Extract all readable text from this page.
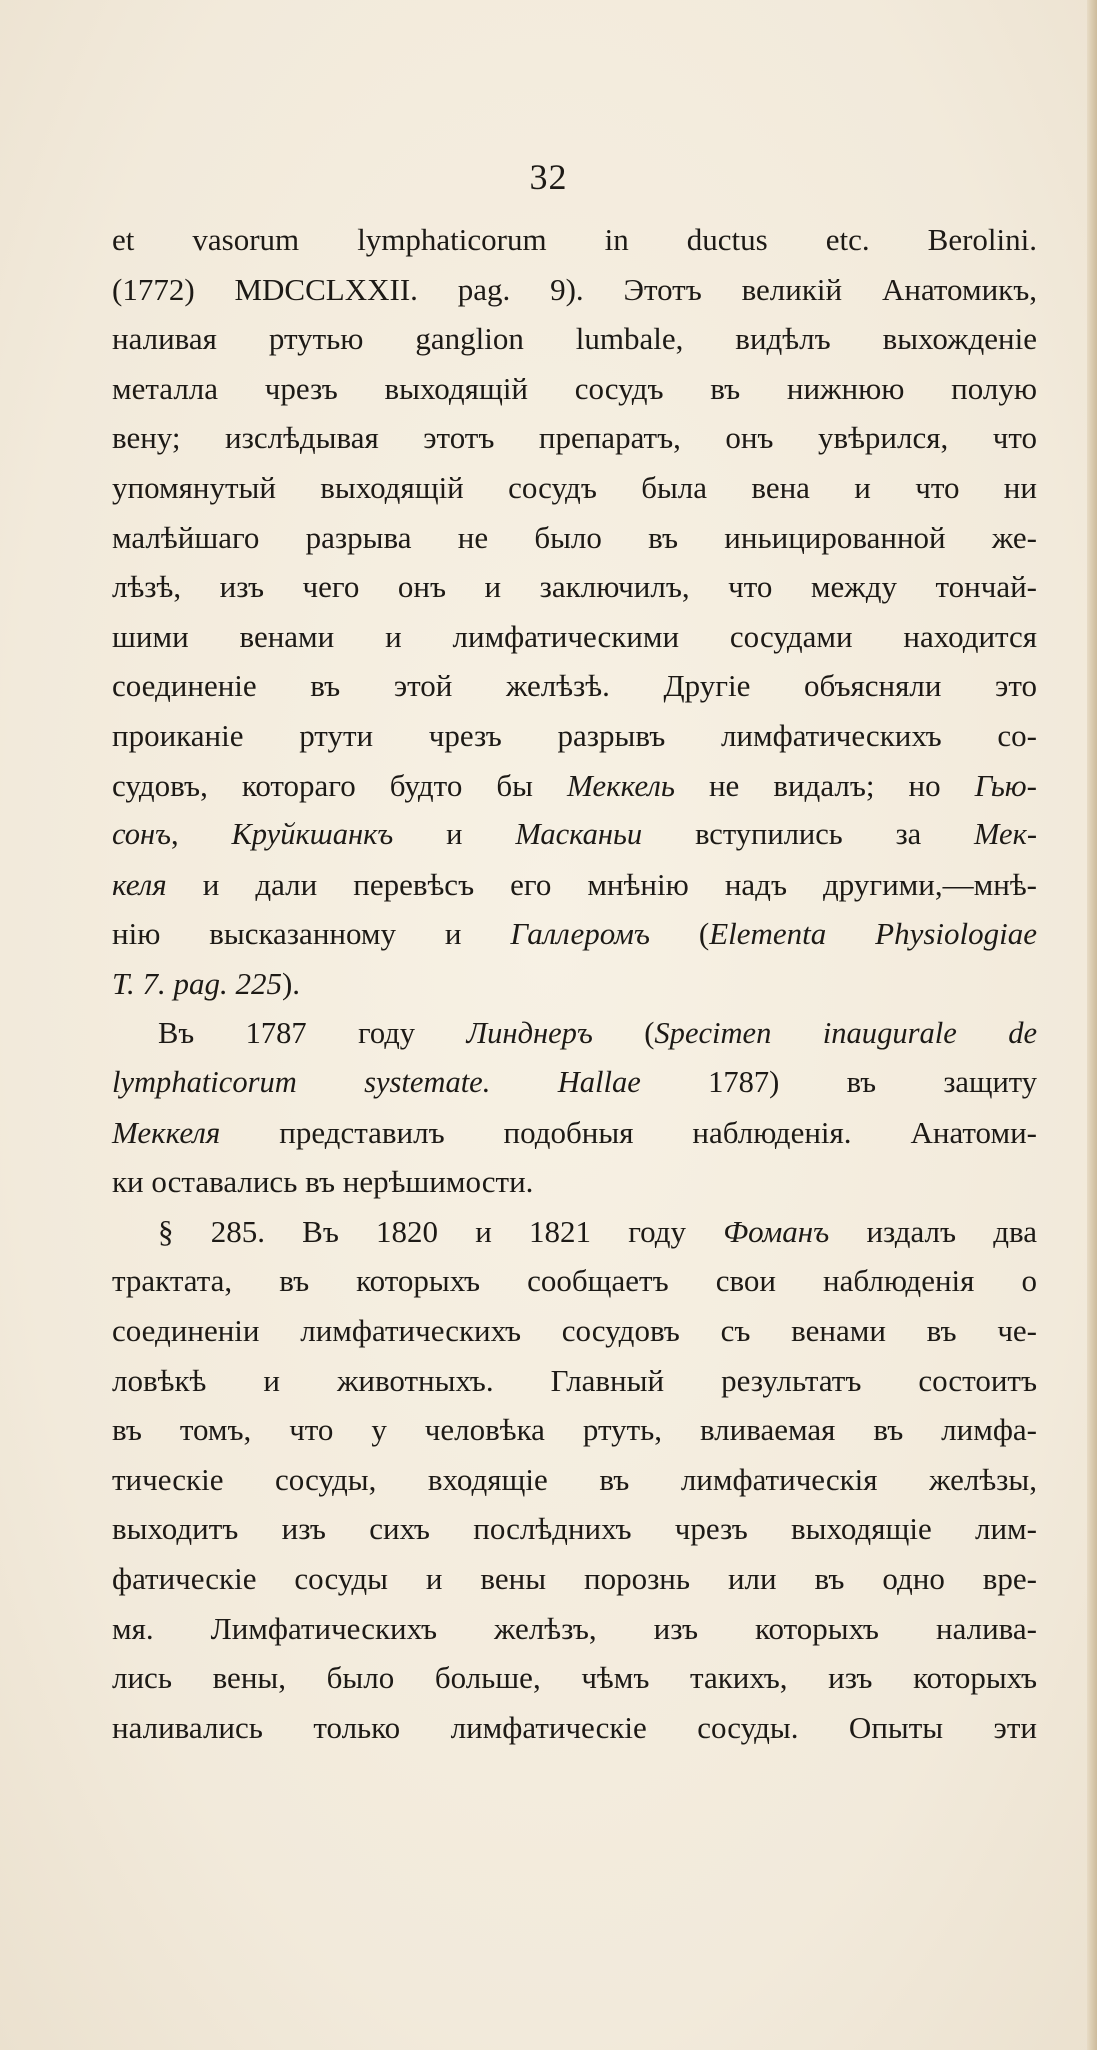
32
et vasorum lymphaticorum in ductus etc. Berolini.
(1772) MDCCLXXII. pag. 9). Этотъ великій Анатомикъ,
наливая ртутью ganglion lumbale, видѣлъ выхожденіе
металла чрезъ выходящій сосудъ въ нижнюю полую
вену; изслѣдывая этотъ препаратъ, онъ увѣрился, что
упомянутый выходящій сосудъ была вена и что ни
малѣйшаго разрыва не было въ иньицированной же-
лѣзѣ, изъ чего онъ и заключилъ, что между тончай-
шими венами и лимфатическими сосудами находится
соединеніе въ этой желѣзѣ. Другіе объясняли это
проиканіе ртути чрезъ разрывъ лимфатическихъ со-
судовъ, котораго будто бы Меккель не видалъ; но Гью-
сонъ, Круйкшанкъ и Масканьи вступились за Мек-
келя и дали перевѣсъ его мнѣнію надъ другими,—мнѣ-
нію высказанному и Галлеромъ (Elementa Physiologiae
T. 7. pag. 225).
Въ 1787 году Линднеръ (Specimen inauguralе de
lymphaticorum systemate. Hallae 1787) въ защиту
Меккеля представилъ подобныя наблюденія. Анатоми-
ки оставались въ нерѣшимости.
§ 285. Въ 1820 и 1821 году Фоманъ издалъ два
трактата, въ которыхъ сообщаетъ свои наблюденія о
соединеніи лимфатическихъ сосудовъ съ венами въ че-
ловѣкѣ и животныхъ. Главный результатъ состоитъ
въ томъ, что у человѣка ртуть, вливаемая въ лимфа-
тическіе сосуды, входящіе въ лимфатическія желѣзы,
выходитъ изъ сихъ послѣднихъ чрезъ выходящіе лим-
фатическіе сосуды и вены порознь или въ одно вре-
мя. Лимфатическихъ желѣзъ, изъ которыхъ налива-
лись вены, было больше, чѣмъ такихъ, изъ которыхъ
наливались только лимфатическіе сосуды. Опыты эти
